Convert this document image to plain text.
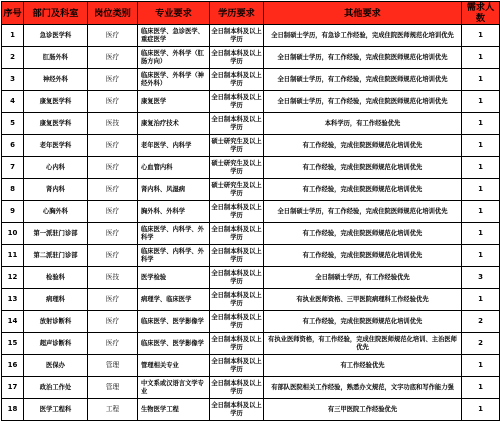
序号	部门及科室	岗位类别	专业要求	学历要求	其他要求	需求人数
1	急诊医学科	医疗	临床医学、急诊医学、重症医学	全日制本科及以上学历	全日制硕士学历，有急诊工作经验，完成住院医师规范化培训优先	1
2	肛肠外科	医疗	临床医学、外科学（肛肠方向）	全日制本科及以上学历	全日制硕士学历，有工作经验，完成住院医师规范化培训优先	1
3	神经外科	医疗	临床医学、外科学（神经外科）	全日制本科及以上学历	全日制硕士学历，有工作经验，完成住院医师规范化培训优先	1
4	康复医学科	医疗	康复医学	全日制本科及以上学历	全日制硕士学历，有工作经验，完成住院医师规范化培训优先	1
5	康复医学科	医技	康复治疗技术	全日制本科及以上学历	本科学历，有工作经验优先	1
6	老年医学科	医疗	老年医学、内科学	硕士研究生及以上学历	有工作经验，完成住院医师规范化培训优先	1
7	心内科	医疗	心血管内科	硕士研究生及以上学历	有工作经验，完成住院医师规范化培训优先	1
8	肾内科	医疗	肾内科、风湿病	硕士研究生及以上学历	有工作经验，完成住院医师规范化培训优先	1
9	心胸外科	医疗	胸外科、外科学	全日制本科及以上学历	全日制硕士学历，有工作经验，完成住院医师规范化培训优先	1
10	第一派驻门诊部	医疗	临床医学、内科学、外科学	全日制本科及以上学历	有工作经验，完成住院医师规范化培训优先	1
11	第二派驻门诊部	医疗	临床医学、内科学、外科学	全日制本科及以上学历	有工作经验，完成住院医师规范化培训优先	1
12	检验科	医技	医学检验	全日制本科及以上学历	全日制硕士学历，有工作经验优先	3
13	病理科	医疗	病理学、临床医学	全日制本科及以上学历	有执业医师资格、三甲医院病理科工作经验优先	1
14	放射诊断科	医疗	临床医学、医学影像学	全日制本科及以上学历	有工作经验，完成住院医师规范化培训优先	2
15	超声诊断科	医疗	临床医学、医学影像学	全日制本科及以上学历	有执业医师资格，有工作经验，完成住院医师规范化培训、主治医师优先	2
16	医保办	管理	管理相关专业	全日制本科及以上学历	有工作经验优先	1
17	政治工作处	管理	中文系或汉语言文学专业	全日制本科及以上学历	有部队医院相关工作经验，熟悉办文规范，文字功底和写作能力强	1
18	医学工程科	工程	生物医学工程	全日制本科及以上学历	有三甲医院工作经验优先	1
